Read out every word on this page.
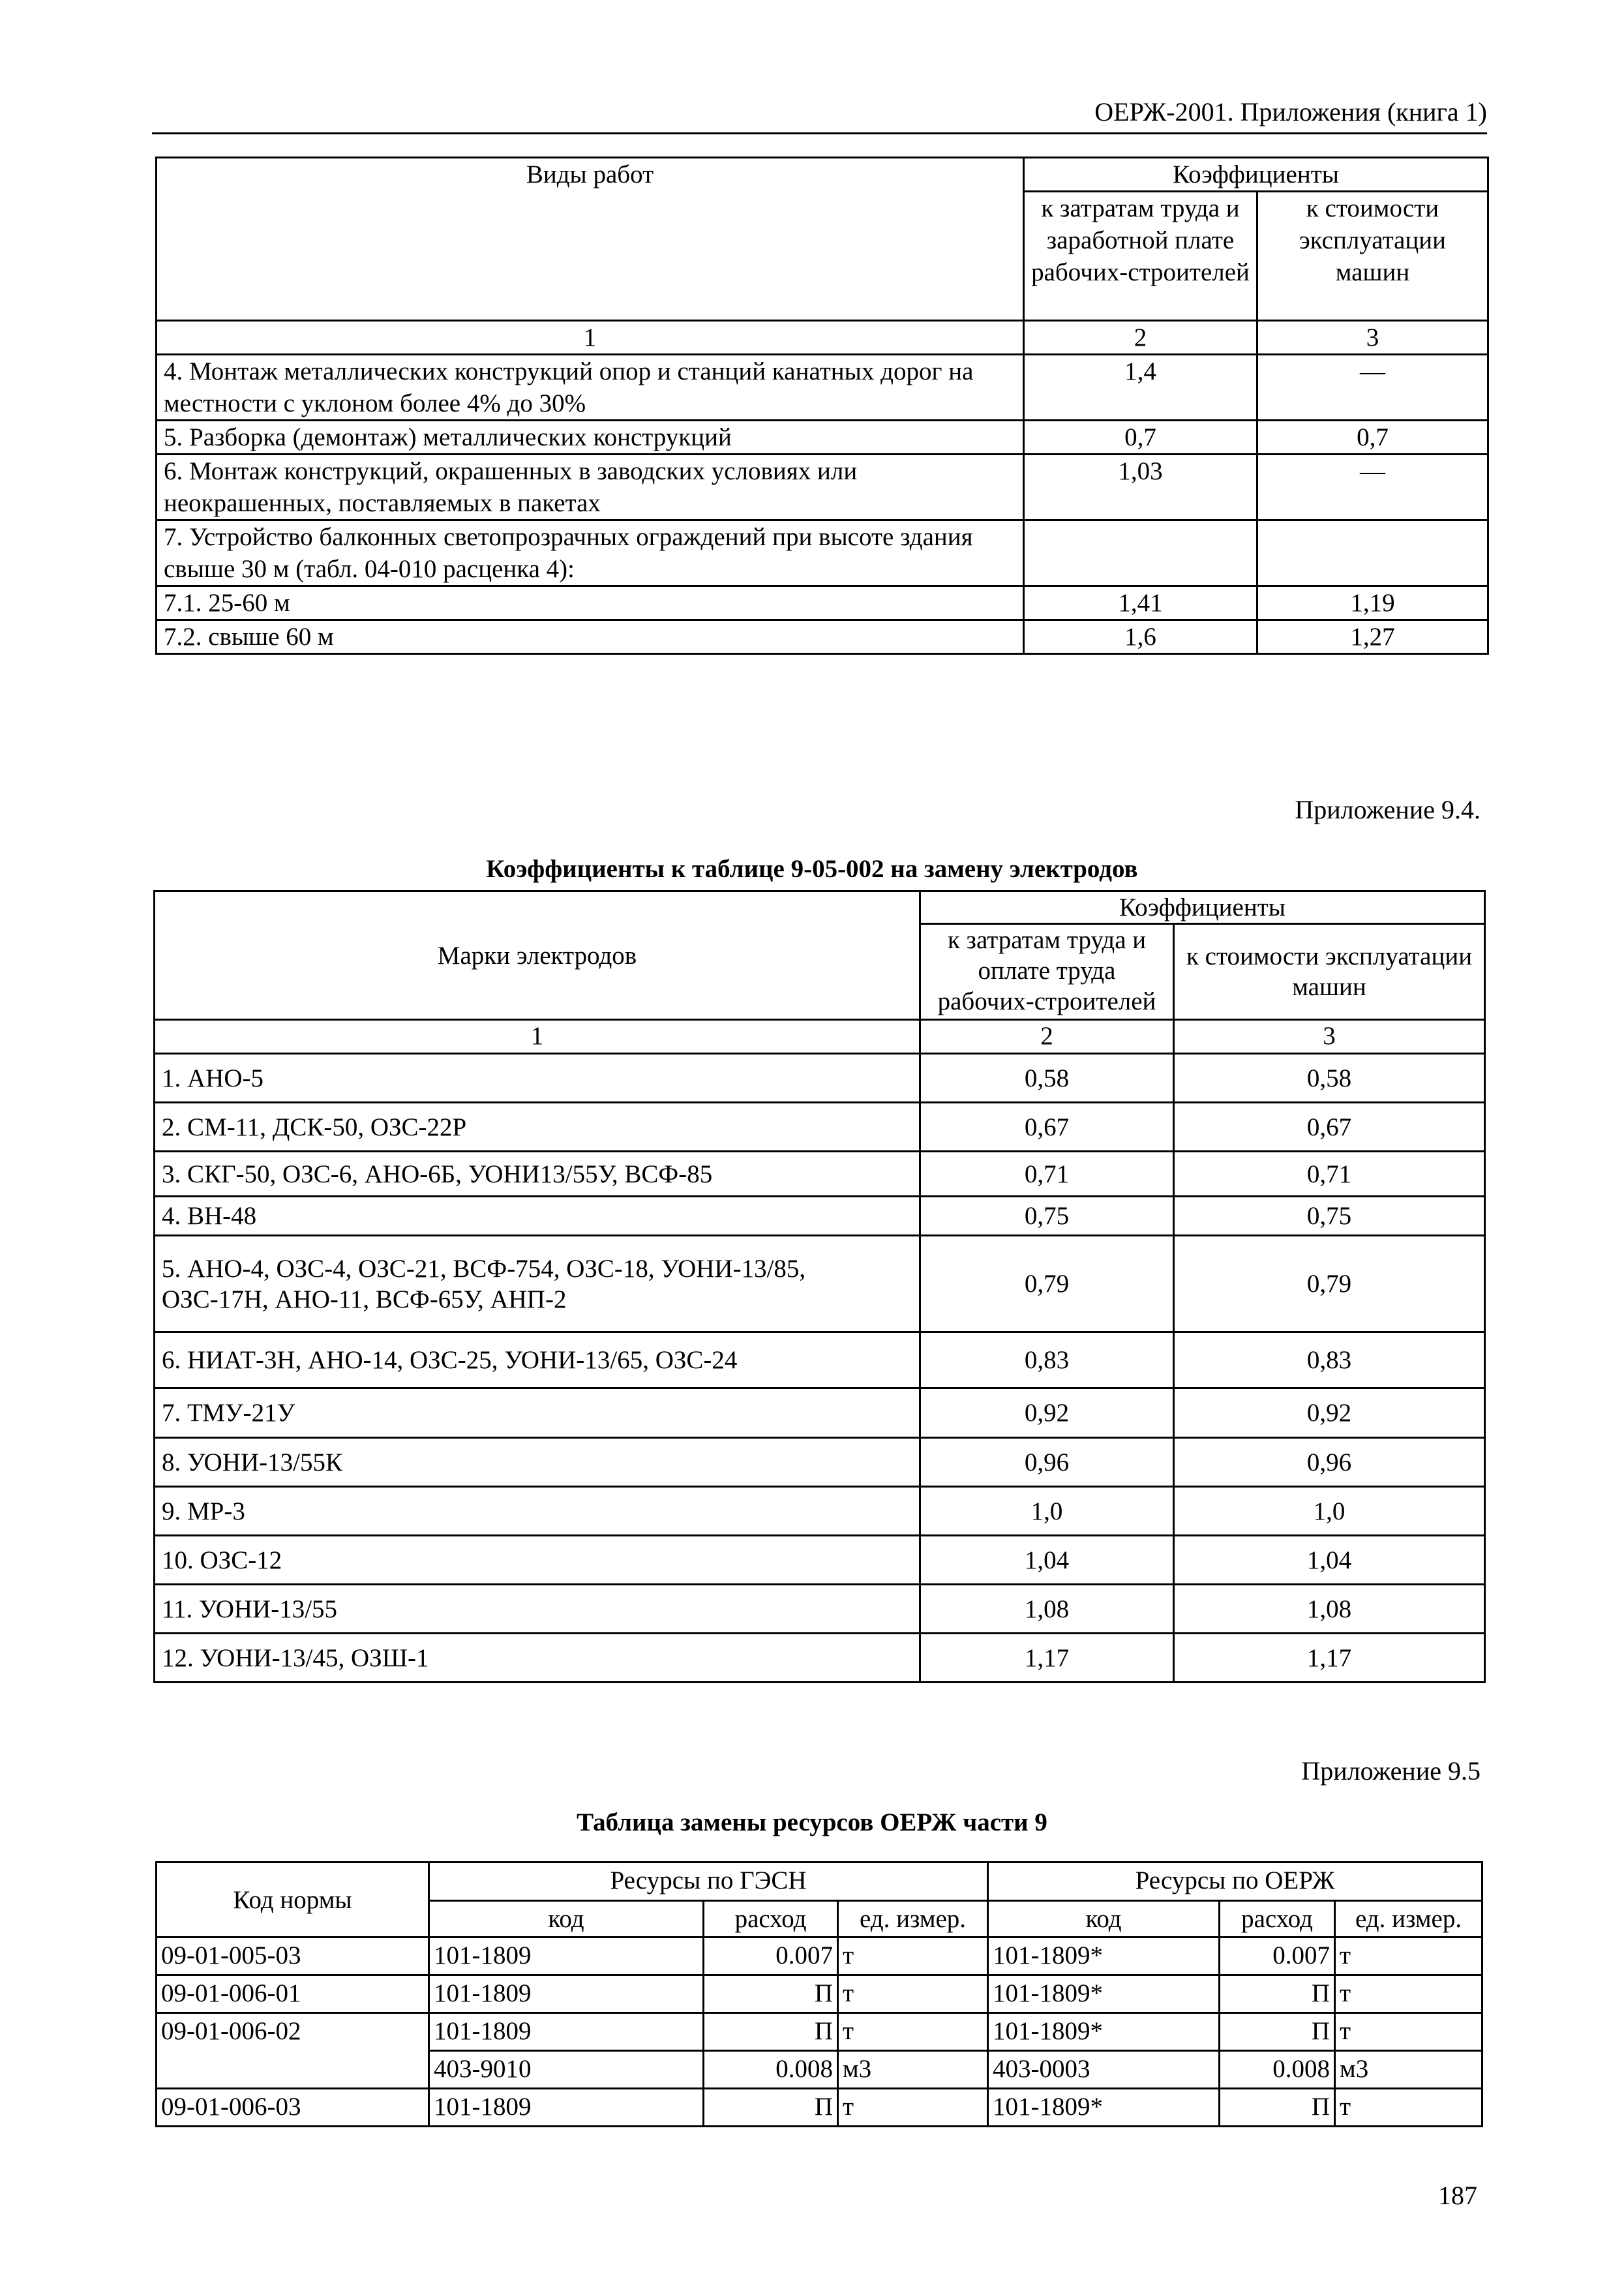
ОЕРЖ-2001. Приложения (книга 1)
Виды работ	Коэффициенты	
	к затратам труда и заработной плате рабочих-строителей	к стоимости эксплуатации машин
1	2	3
4. Монтаж металлических конструкций опор и станций канатных дорог на местности с уклоном более 4% до 30%	1,4	—
5. Разборка (демонтаж) металлических конструкций	0,7	0,7
6. Монтаж конструкций, окрашенных в заводских условиях или неокрашенных, поставляемых в пакетах	1,03	—
7. Устройство балконных светопрозрачных ограждений при высоте здания свыше 30 м (табл. 04-010 расценка 4):		
7.1. 25-60 м	1,41	1,19
7.2. свыше 60 м	1,6	1,27
Приложение 9.4.
Коэффициенты к таблице 9-05-002 на замену электродов
Марки электродов	Коэффициенты	
	к затратам труда и оплате труда рабочих-строителей	к стоимости эксплуатации машин
1	2	3
1. АНО-5	0,58	0,58
2. СМ-11, ДСК-50, ОЗС-22Р	0,67	0,67
3. СКГ-50, ОЗС-6, АНО-6Б, УОНИ13/55У, ВСФ-85	0,71	0,71
4. ВН-48	0,75	0,75
5. АНО-4, ОЗС-4, ОЗС-21, ВСФ-754, ОЗС-18, УОНИ-13/85, ОЗС-17Н, АНО-11, ВСФ-65У, АНП-2	0,79	0,79
6. НИАТ-3Н, АНО-14, ОЗС-25, УОНИ-13/65, ОЗС-24	0,83	0,83
7. ТМУ-21У	0,92	0,92
8. УОНИ-13/55К	0,96	0,96
9. МР-3	1,0	1,0
10. ОЗС-12	1,04	1,04
11. УОНИ-13/55	1,08	1,08
12. УОНИ-13/45, ОЗШ-1	1,17	1,17
Приложение 9.5
Таблица замены ресурсов ОЕРЖ части 9
Код нормы	Ресурсы по ГЭСН			Ресурсы по ОЕРЖ		
	код	расход	ед. измер.	код	расход	ед. измер.
09-01-005-03	101-1809	0.007	т	101-1809*	0.007	т
09-01-006-01	101-1809	П	т	101-1809*	П	т
09-01-006-02	101-1809	П	т	101-1809*	П	т
	403-9010	0.008	м3	403-0003	0.008	м3
09-01-006-03	101-1809	П	т	101-1809*	П	т
187
